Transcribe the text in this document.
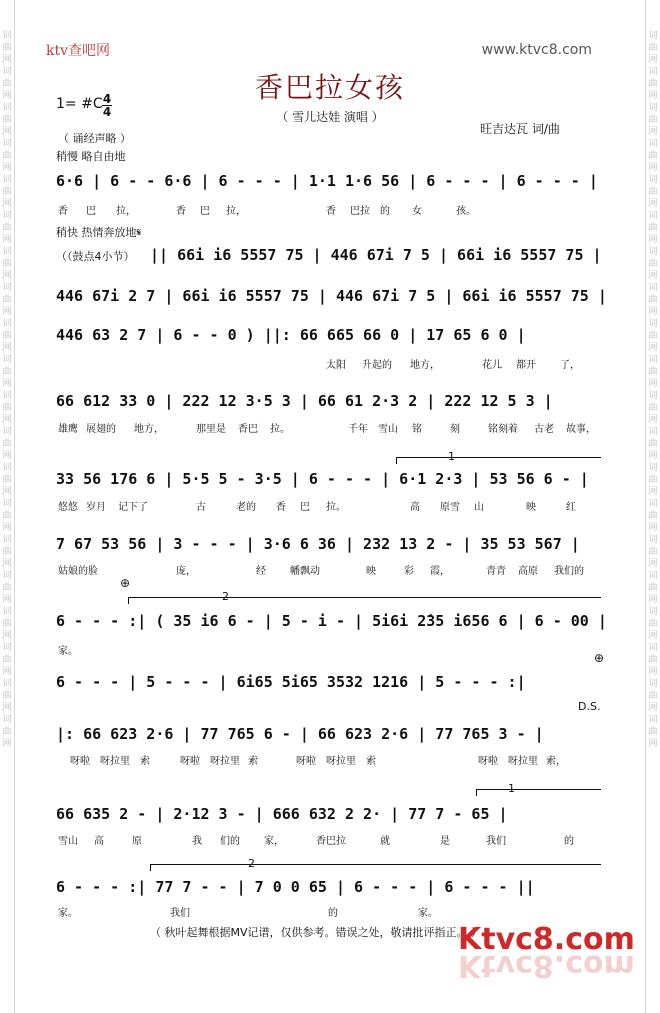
词 曲 网 词 曲 网 词 曲 网 词 曲 网 词 曲 网 词 曲 网 词 曲 网 词 曲 网 词 曲 网 词 曲 网 词 曲 网 词 曲 网 词 曲 网 词 曲 网 词 曲 网 词 曲 网 词 曲 网 词 曲 网 词 曲 网 词 曲 网
词 曲 网 词 曲 网 词 曲 网 词 曲 网 词 曲 网 词 曲 网 词 曲 网 词 曲 网 词 曲 网 词 曲 网 词 曲 网 词 曲 网 词 曲 网 词 曲 网 词 曲 网 词 曲 网 词 曲 网 词 曲 网 词 曲 网 词 曲 网
ktv查吧网	www.ktvc8.com
香巴拉女孩
（ 雪儿达娃 演唱 ）
旺吉达瓦 词/曲
1= #C 4
4
（ 诵经声略 ）
稍慢 略自由地
稍快 热情奔放地𝄋
（（鼓点4小节）
6·6 | 6 - - 6·6 | 6 - - - | 1·1 1·6 56 | 6 - - - | 6 - - - |
|| 66i i6 5557 75 | 446 67i 7 5 | 66i i6 5557 75 |
446 67i 2 7 | 66i i6 5557 75 | 446 67i 7 5 | 66i i6 5557 75 |
446 63 2 7 | 6 - - 0 ) ||: 66 665 66 0 | 17 65 6 0 |
66 612 33 0 | 222 12 3·5 3 | 66 61 2·3 2 | 222 12 5 3 |
33 56 176 6 | 5·5 5 - 3·5 | 6 - - - | 6·1 2·3 | 53 56 6 - |
7 67 53 56 | 3 - - - | 3·6 6 36 | 232 13 2 - | 35 53 567 |
6 - - - :| ( 35 i6 6 - | 5 - i - | 5i6i 2̇35 i656 6 | 6 - 00 |
6 - - - | 5 - - - | 6i65 5i65 3532 1216 | 5 - - - :|
|: 66 623 2·6 | 77 765 6 - | 66 623 2·6 | 77 765 3 - |
66 635 2 - | 2·12 3 - | 666 632 2 2· | 77 7 - 65 |
6 - - - :| 77 7 - - | 7 0 0 65 | 6 - - - | 6 - - - ||
⊕
⊕
D.S.
1
2
1
2
香 巴 拉，	香 巴 拉，	香 巴拉 的 女	孩。
太阳 升起的 地方，	花儿 都开 了，
雄鹰 展翅的 地方，	那里是 香巴 拉。	千年 雪山 铭	刻	铭刻着 古老 故事，
悠悠 岁月 记下了	古	老的 香 巴 拉。	高 原雪 山	映	红
姑娘的脸	庞，	经 幡飘动	映	彩 霞，	青青 高原 我们的
家。
呀啦 呀拉里 索	呀啦 呀拉里 索	呀啦 呀拉里 索	呀啦 呀拉里 索，
雪山 高	原	我 们的 家，	香巴拉	就	是	我们	的
家。	我们	的	家。
（ 秋叶起舞根据MV记谱，仅供参考。错误之处，敬请批评指正。 ）
Ktvc8.com
Ktvc8.com
